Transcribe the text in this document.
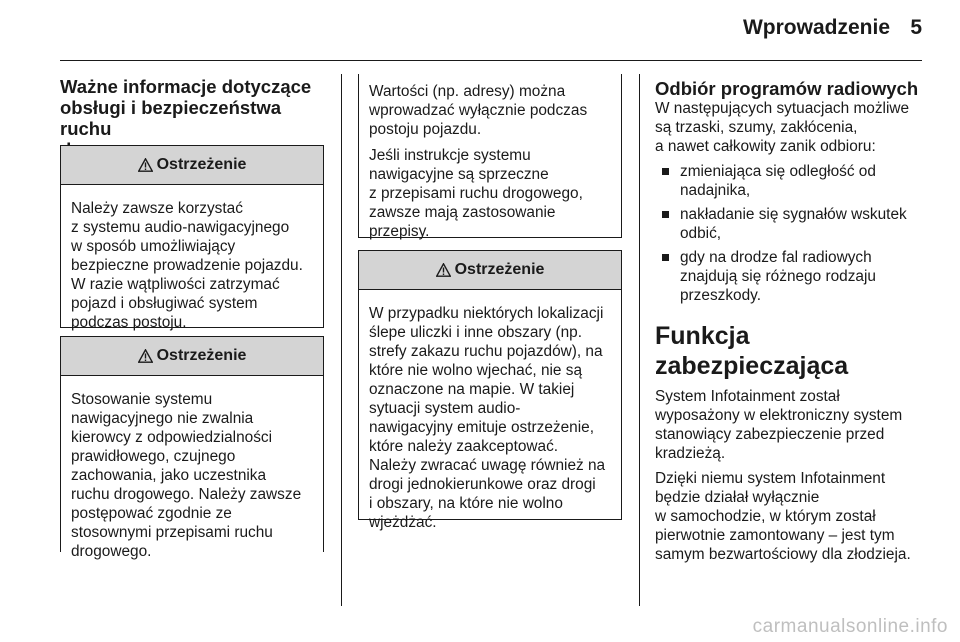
Wprowadzenie 5
Ważne informacje dotyczące
obsługi i bezpieczeństwa ruchu

Ostrzeżenie
Należy zawsze korzystać
z systemu audio-nawigacyjnego
w sposób umożliwiający
bezpieczne prowadzenie pojazdu.
W razie wątpliwości zatrzymać
pojazd i obsługiwać system
podczas postoju.
Ostrzeżenie
Stosowanie systemu
nawigacyjnego nie zwalnia
kierowcy z odpowiedzialności
prawidłowego, czujnego
zachowania, jako uczestnika
ruchu drogowego. Należy zawsze
postępować zgodnie ze
stosownymi przepisami ruchu
drogowego.

Wartości (np. adresy) można
wprowadzać wyłącznie podczas
postoju pojazdu.

Jeśli instrukcje systemu
nawigacyjne są sprzeczne
z przepisami ruchu drogowego,
zawsze mają zastosowanie
przepisy.

Ostrzeżenie
W przypadku niektórych lokalizacji
ślepe uliczki i inne obszary (np.
strefy zakazu ruchu pojazdów), na
które nie wolno wjechać, nie są
oznaczone na mapie. W takiej
sytuacji system audio-
nawigacyjny emituje ostrzeżenie,
które należy zaakceptować.
Należy zwracać uwagę również na
drogi jednokierunkowe oraz drogi
i obszary, na które nie wolno
wjeżdżać.
Odbiór programów radiowych
W następujących sytuacjach możliwe
są trzaski, szumy, zakłócenia,
a nawet całkowity zanik odbioru:
zmieniająca się odległość od
nadajnika,
nakładanie się sygnałów wskutek
odbić,
gdy na drodze fal radiowych
znajdują się różnego rodzaju
przeszkody.
Funkcja zabezpieczająca
System Infotainment został
wyposażony w elektroniczny system
stanowiący zabezpieczenie przed
kradzieżą.
Dzięki niemu system Infotainment
będzie działał wyłącznie
w samochodzie, w którym został
pierwotnie zamontowany – jest tym
samym bezwartościowy dla złodzieja.
carmanualsonline.info
